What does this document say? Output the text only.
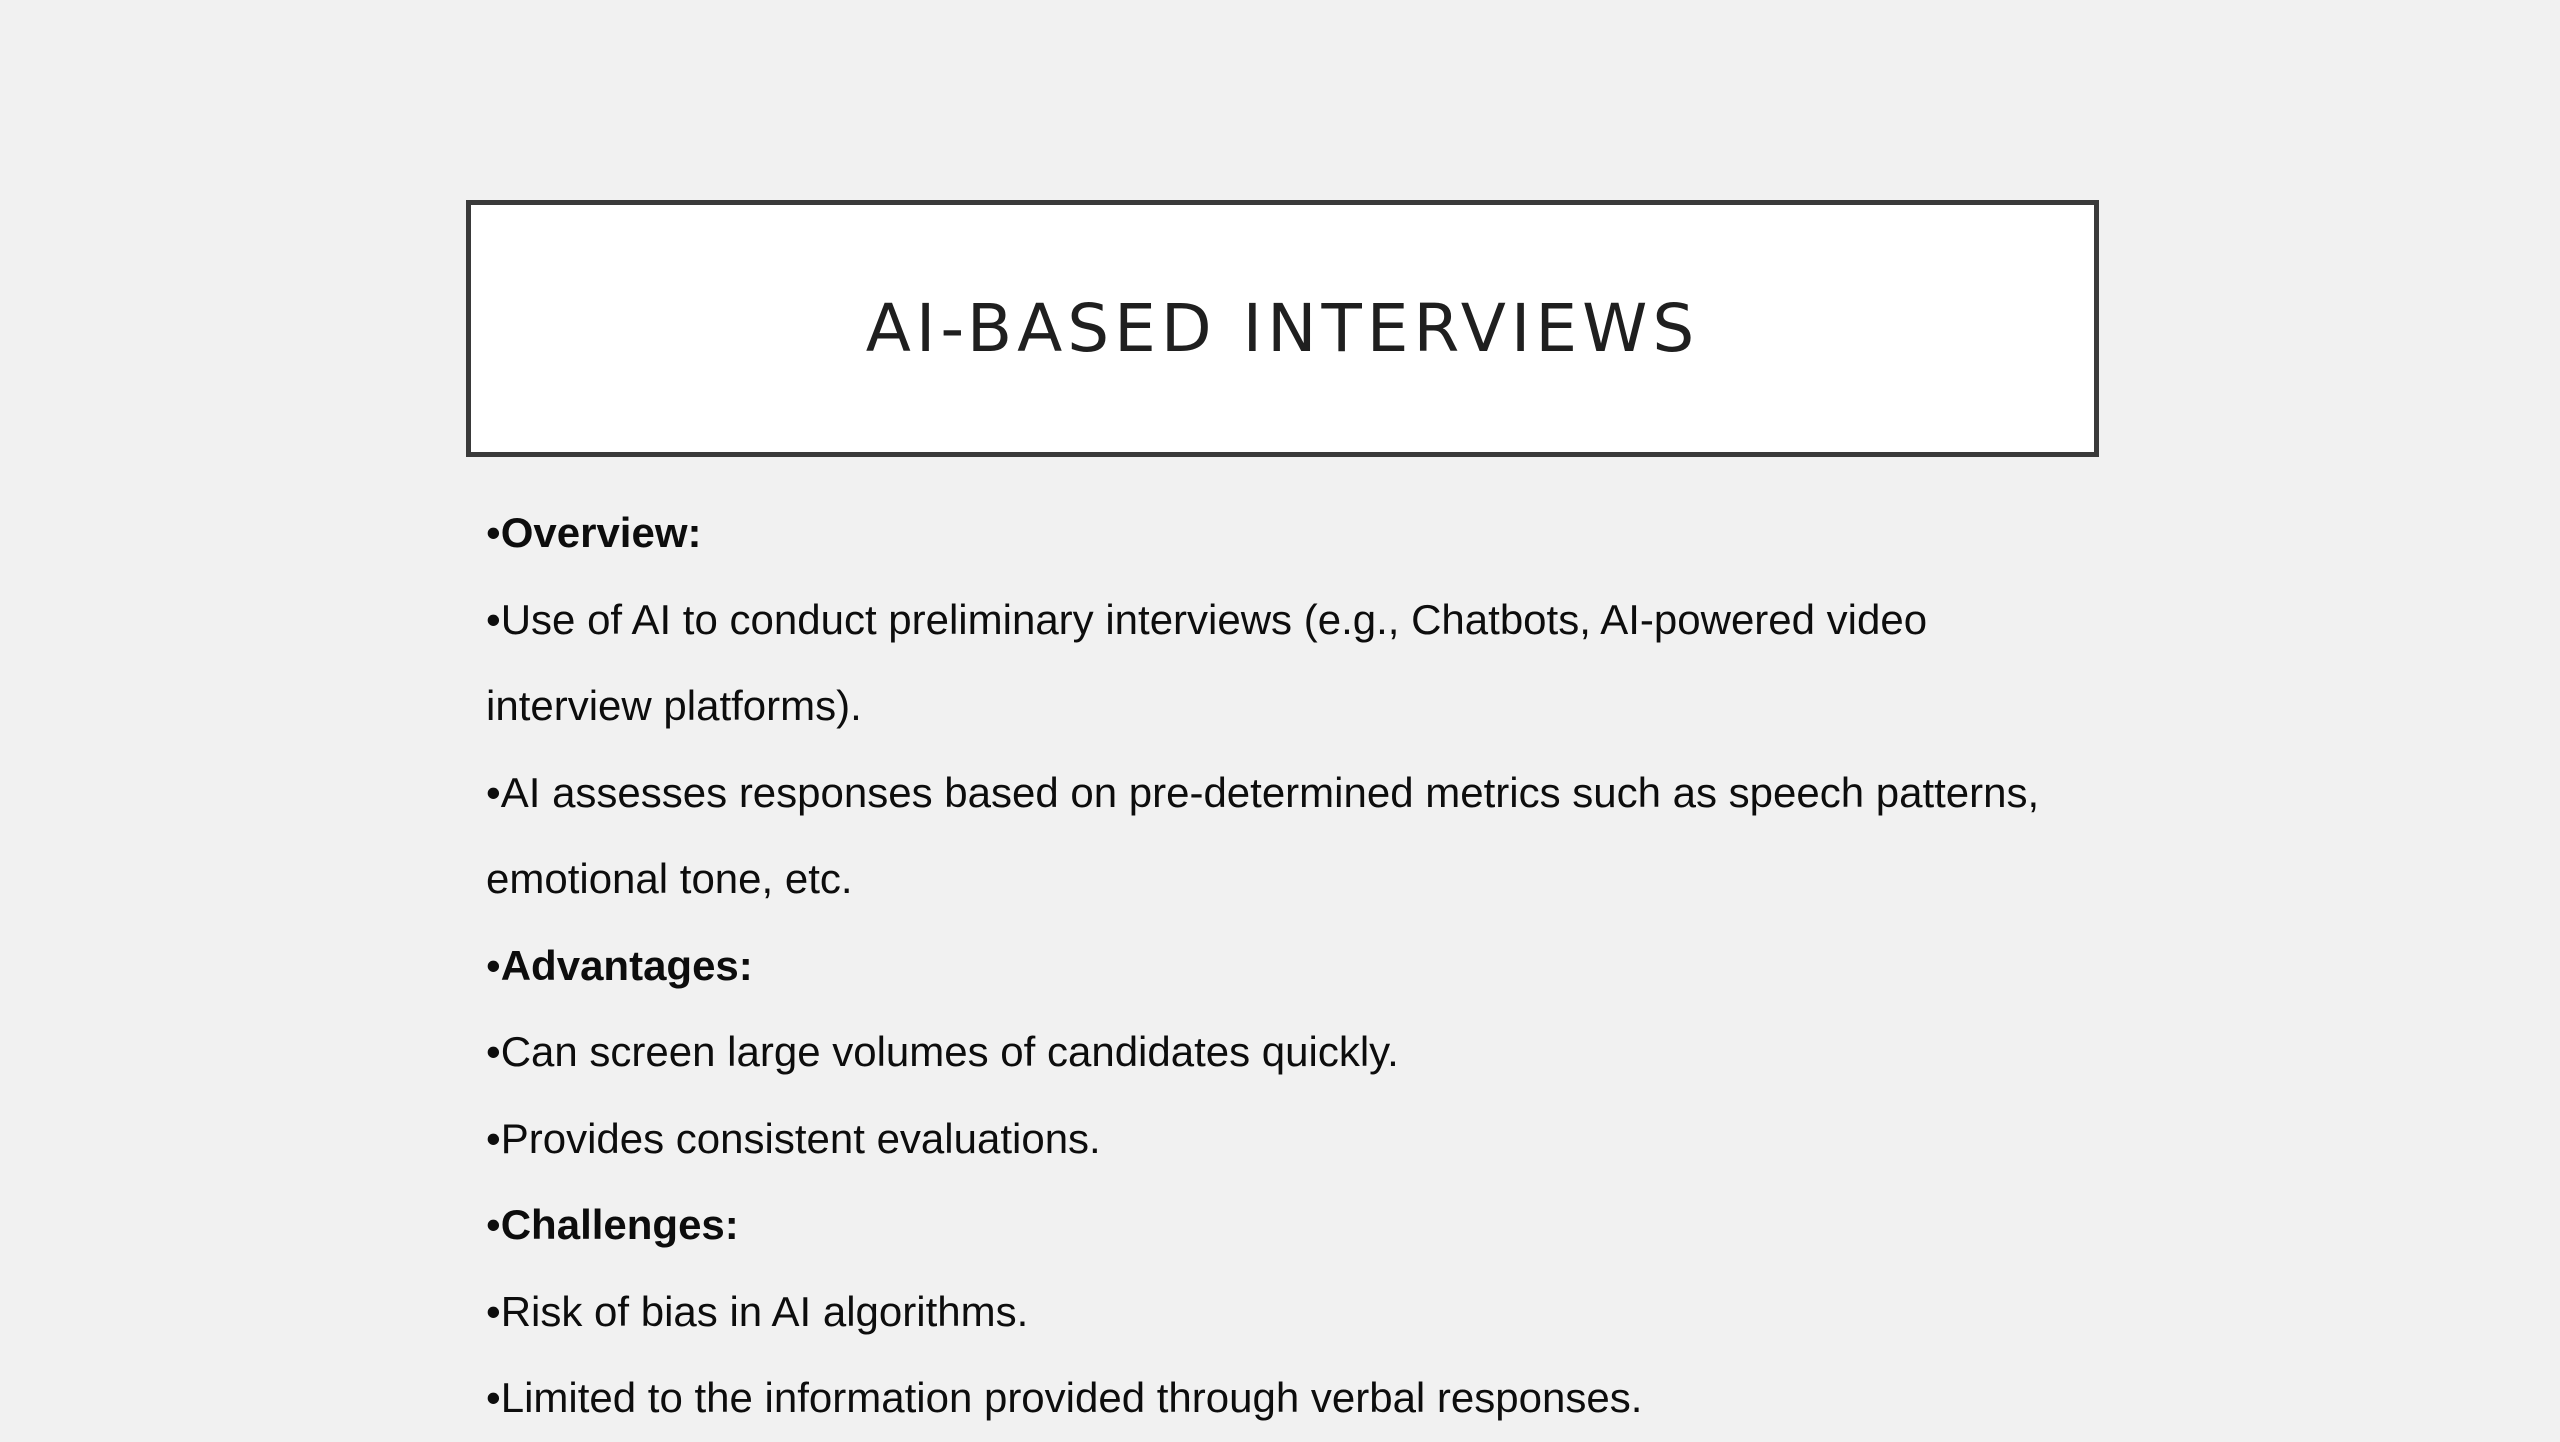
AI-BASED INTERVIEWS
•Overview:
•Use of AI to conduct preliminary interviews (e.g., Chatbots, AI-powered video
interview platforms).
•AI assesses responses based on pre-determined metrics such as speech patterns,
emotional tone, etc.
•Advantages:
•Can screen large volumes of candidates quickly.
•Provides consistent evaluations.
•Challenges:
•Risk of bias in AI algorithms.
•Limited to the information provided through verbal responses.
